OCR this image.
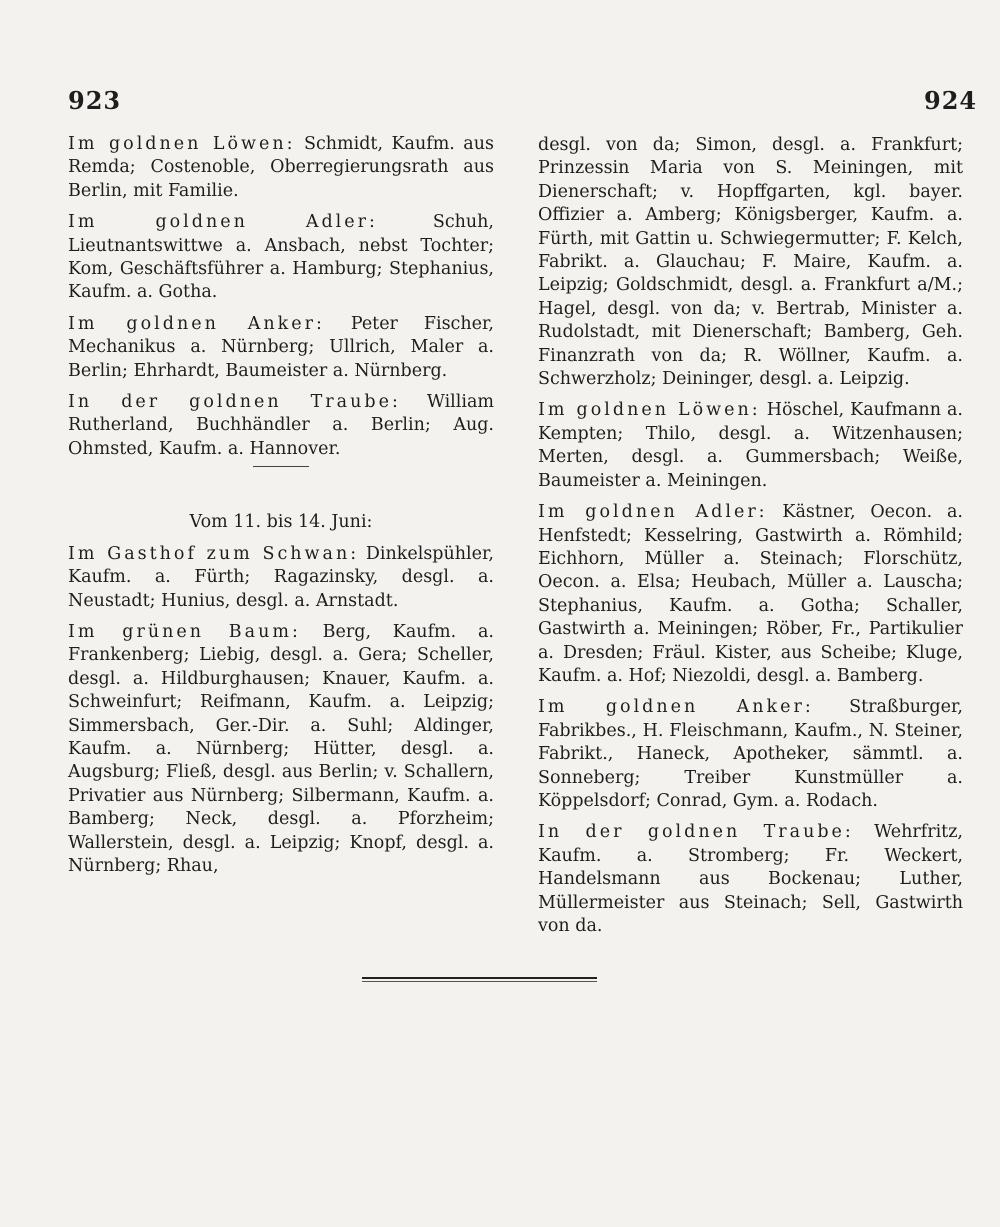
923	924

Im goldnen Löwen: Schmidt, Kaufm. aus Remda; Costenoble, Oberregierungsrath aus Berlin, mit Familie.

Im goldnen Adler:	Schuh, Lieutnantswittwe a. Ansbach, nebst Tochter; Kom, Geschäftsführer a. Hamburg; Stephanius, Kaufm. a. Gotha.

Im goldnen Anker: Peter Fischer, Mechanikus a. Nürnberg; Ullrich, Maler a. Berlin; Ehrhardt, Baumeister a. Nürnberg.

In der goldnen Traube: William Rutherland, Buchhändler a. Berlin; Aug. Ohmsted, Kaufm. a. Hannover.

Vom 11. bis 14. Juni:

Im Gasthof zum Schwan: Dinkelspühler, Kaufm. a. Fürth; Ragazinsky, desgl. a. Neustadt; Hunius, desgl. a. Arnstadt.

Im grünen Baum: Berg, Kaufm. a. Frankenberg; Liebig, desgl. a. Gera; Scheller, desgl. a. Hildburghausen; Knauer, Kaufm. a. Schweinfurt; Reifmann, Kaufm. a. Leipzig; Simmersbach, Ger.-Dir. a. Suhl; Aldinger, Kaufm. a. Nürnberg; Hütter, desgl. a. Augsburg; Fließ, desgl. aus Berlin; v. Schallern, Privatier aus Nürnberg; Silbermann, Kaufm. a. Bamberg; Neck, desgl. a. Pforzheim; Wallerstein, desgl. a. Leipzig; Knopf, desgl. a. Nürnberg; Rhau,

desgl. von da; Simon, desgl. a. Frankfurt; Prinzessin Maria von S. Meiningen, mit Dienerschaft; v. Hopffgarten, kgl. bayer. Offizier a. Amberg; Königsberger, Kaufm. a. Fürth, mit Gattin u. Schwiegermutter; F. Kelch, Fabrikt. a. Glauchau; F. Maire, Kaufm. a. Leipzig; Goldschmidt, desgl. a. Frankfurt a/M.; Hagel, desgl. von da; v. Bertrab, Minister a. Rudolstadt, mit Dienerschaft; Bamberg, Geh. Finanzrath von da; R. Wöllner, Kaufm. a. Schwerzholz; Deininger, desgl. a. Leipzig.

Im goldnen Löwen: Höschel, Kaufmann a. Kempten; Thilo, desgl. a. Witzenhausen; Merten, desgl. a. Gummersbach; Weiße, Baumeister a. Meiningen.

Im goldnen Adler: Kästner, Oecon. a. Henfstedt; Kesselring, Gastwirth a. Römhild; Eichhorn, Müller a. Steinach; Florschütz, Oecon. a. Elsa; Heubach, Müller a. Lauscha; Stephanius, Kaufm. a. Gotha; Schaller, Gastwirth a. Meiningen; Röber, Fr., Partikulier a. Dresden; Fräul. Kister, aus Scheibe; Kluge, Kaufm. a. Hof; Niezoldi, desgl. a. Bamberg.

Im goldnen Anker: Straßburger, Fabrikbes., H. Fleischmann, Kaufm., N. Steiner, Fabrikt., Haneck, Apotheker, sämmtl. a. Sonneberg; Treiber Kunstmüller a. Köppelsdorf; Conrad, Gym. a. Rodach.

In der goldnen Traube: Wehrfritz, Kaufm. a. Stromberg; Fr. Weckert, Handelsmann aus Bockenau; Luther, Müllermeister aus Steinach; Sell, Gastwirth von da.
